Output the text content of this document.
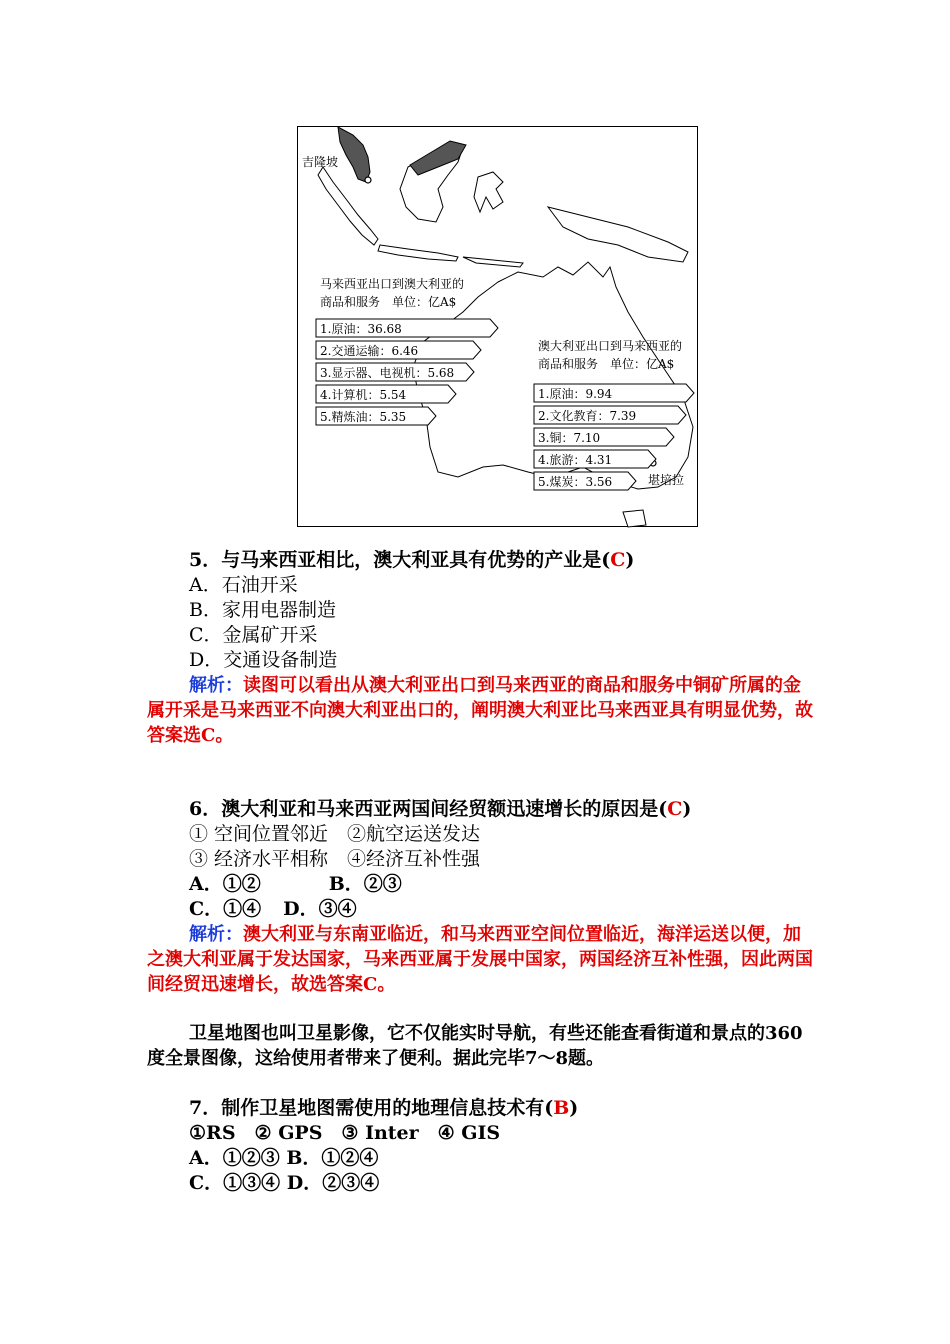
吉隆坡
堪培拉
马来西亚出口到澳大利亚的
商品和服务　单位：亿A$
1.原油：36.68
2.交通运输：6.46
3.显示器、电视机：5.68
4.计算机：5.54
5.精炼油：5.35
澳大利亚出口到马来西亚的
商品和服务　单位：亿A$
1.原油：9.94
2.文化教育：7.39
3.铜：7.10
4.旅游：4.31
5.煤炭：3.56
5．与马来西亚相比，澳大利亚具有优势的产业是(C)
A．石油开采
B．家用电器制造
C．金属矿开采
D．交通设备制造
解析：读图可以看出从澳大利亚出口到马来西亚的商品和服务中铜矿所属的金属开采是马来西亚不向澳大利亚出口的，阐明澳大利亚比马来西亚具有明显优势，故答案选C。
6．澳大利亚和马来西亚两国间经贸额迅速增长的原因是(C)
① 空间位置邻近　②航空运送发达
③ 经济水平相称　④经济互补性强
A．①②	B．②③
C．①④ D．③④
解析：澳大利亚与东南亚临近，和马来西亚空间位置临近，海洋运送以便，加之澳大利亚属于发达国家，马来西亚属于发展中国家，两国经济互补性强，因此两国间经贸迅速增长，故选答案C。
卫星地图也叫卫星影像，它不仅能实时导航，有些还能查看街道和景点的360度全景图像，这给使用者带来了便利。据此完毕7～8题。
7．制作卫星地图需使用的地理信息技术有(B)
①RS　② GPS　③ Inter　④ GIS
A．①②③ B．①②④
C．①③④ D．②③④
